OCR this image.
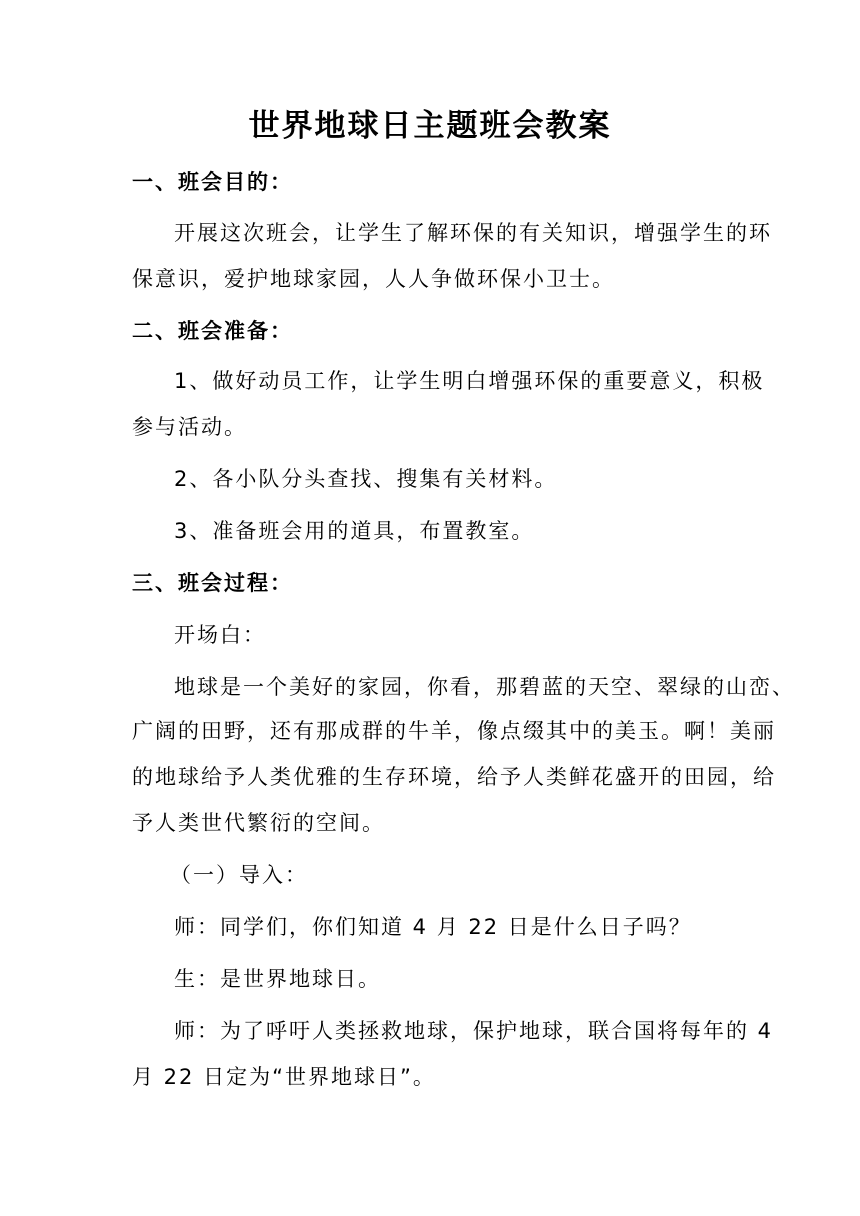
世界地球日主题班会教案
一、班会目的：
开展这次班会，让学生了解环保的有关知识，增强学生的环
保意识，爱护地球家园，人人争做环保小卫士。
二、班会准备：
1、做好动员工作，让学生明白增强环保的重要意义，积极
参与活动。
2、各小队分头查找、搜集有关材料。
3、准备班会用的道具，布置教室。
三、班会过程：
开场白：
地球是一个美好的家园，你看，那碧蓝的天空、翠绿的山峦、
广阔的田野，还有那成群的牛羊，像点缀其中的美玉。啊！美丽
的地球给予人类优雅的生存环境，给予人类鲜花盛开的田园，给
予人类世代繁衍的空间。
（一）导入：
师：同学们，你们知道 4 月 22 日是什么日子吗？
生：是世界地球日。
师：为了呼吁人类拯救地球，保护地球，联合国将每年的 4
月 22 日定为“世界地球日”。
